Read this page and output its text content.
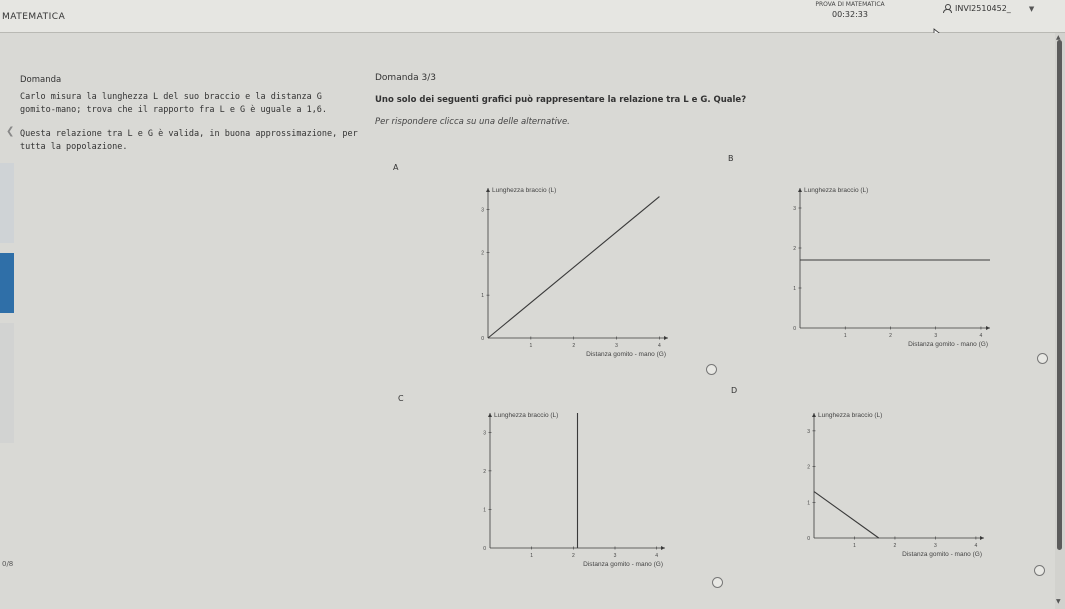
MATEMATICA
PROVA DI MATEMATICA
00:32:33
INVI2510452_	▼
❮
Domanda

Carlo misura la lunghezza L del suo braccio e la distanza G gomito-mano; trova che il rapporto fra L e G è uguale a 1,6.

Questa relazione tra L e G è valida, in buona approssimazione, per tutta la popolazione.

0/8
Domanda 3/3
Uno solo dei seguenti grafici può rappresentare la relazione tra L e G. Quale?
Per rispondere clicca su una delle alternative.
A
1	2	3	4
0
1
2
3
Lunghezza braccio (L)
Distanza gomito - mano (G)
B
1	2	3	4
0
1
2
3
Lunghezza braccio (L)
Distanza gomito - mano (G)
C
1	2	3	4
0
1
2
3
Lunghezza braccio (L)
Distanza gomito - mano (G)
D
1	2	3	4
0
1
2
3
Lunghezza braccio (L)
Distanza gomito - mano (G)
▲
▼
